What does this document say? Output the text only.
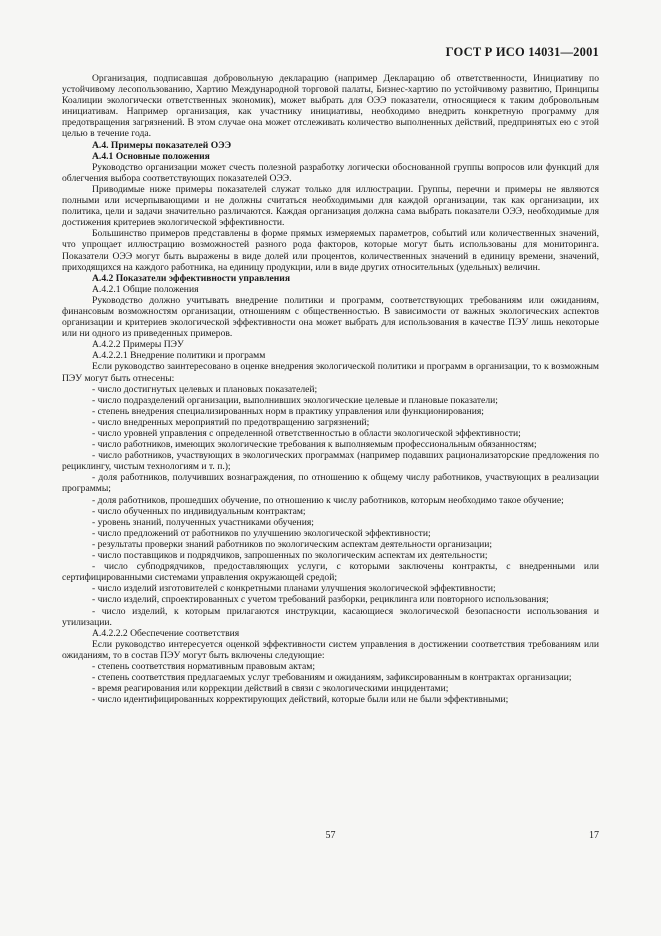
ГОСТ Р ИСО 14031—2001

Организация, подписавшая добровольную декларацию (например Декларацию об ответственности, Инициативу по устойчивому лесопользованию, Хартию Международной торговой палаты, Бизнес-хартию по устойчивому развитию, Принципы Коалиции экологически ответственных экономик), может выбрать для ОЭЭ показатели, относящиеся к таким добровольным инициативам. Например организация, как участнику инициативы, необходимо внедрить конкретную программу для предотвращения загрязнений. В этом случае она может отслеживать количество выполненных действий, предпринятых ею с этой целью в течение года.

А.4. Примеры показателей ОЭЭ

А.4.1 Основные положения

Руководство организации может счесть полезной разработку логически обоснованной группы вопросов или функций для облегчения выбора соответствующих показателей ОЭЭ.

Приводимые ниже примеры показателей служат только для иллюстрации. Группы, перечни и примеры не являются полными или исчерпывающими и не должны считаться необходимыми для каждой организации, так как организации, их политика, цели и задачи значительно различаются. Каждая организация должна сама выбрать показатели ОЭЭ, необходимые для достижения критериев экологической эффективности.

Большинство примеров представлены в форме прямых измеряемых параметров, событий или количественных значений, что упрощает иллюстрацию возможностей разного рода факторов, которые могут быть использованы для мониторинга. Показатели ОЭЭ могут быть выражены в виде долей или процентов, количественных значений в единицу времени, значений, приходящихся на каждого работника, на единицу продукции, или в виде других относительных (удельных) величин.

А.4.2 Показатели эффективности управления

А.4.2.1 Общие положения

Руководство должно учитывать внедрение политики и программ, соответствующих требованиям или ожиданиям, финансовым возможностям организации, отношениям с общественностью. В зависимости от важных экологических аспектов организации и критериев экологической эффективности она может выбрать для использования в качестве ПЭУ лишь некоторые или ни одного из приведенных примеров.

А.4.2.2 Примеры ПЭУ

А.4.2.2.1 Внедрение политики и программ

Если руководство заинтересовано в оценке внедрения экологической политики и программ в организации, то к возможным ПЭУ могут быть отнесены:

- число достигнутых целевых и плановых показателей;

- число подразделений организации, выполнивших экологические целевые и плановые показатели;

- степень внедрения специализированных норм в практику управления или функционирования;

- число внедренных мероприятий по предотвращению загрязнений;

- число уровней управления с определенной ответственностью в области экологической эффективности;

- число работников, имеющих экологические требования к выполняемым профессиональным обязанностям;

- число работников, участвующих в экологических программах (например подавших рационализаторские предложения по рециклингу, чистым технологиям и т. п.);

- доля работников, получивших вознаграждения, по отношению к общему числу работников, участвующих в реализации программы;

- доля работников, прошедших обучение, по отношению к числу работников, которым необходимо такое обучение;

- число обученных по индивидуальным контрактам;

- уровень знаний, полученных участниками обучения;

- число предложений от работников по улучшению экологической эффективности;

- результаты проверки знаний работников по экологическим аспектам деятельности организации;

- число поставщиков и подрядчиков, запрошенных по экологическим аспектам их деятельности;

- число субподрядчиков, предоставляющих услуги, с которыми заключены контракты, с внедренными или сертифицированными системами управления окружающей средой;

- число изделий изготовителей с конкретными планами улучшения экологической эффективности;

- число изделий, спроектированных с учетом требований разборки, рециклинга или повторного использования;

- число изделий, к которым прилагаются инструкции, касающиеся экологической безопасности использования и утилизации.

А.4.2.2.2 Обеспечение соответствия

Если руководство интересуется оценкой эффективности систем управления в достижении соответствия требованиям или ожиданиям, то в состав ПЭУ могут быть включены следующие:

- степень соответствия нормативным правовым актам;

- степень соответствия предлагаемых услуг требованиям и ожиданиям, зафиксированным в контрактах организации;

- время реагирования или коррекции действий в связи с экологическими инцидентами;

- число идентифицированных корректирующих действий, которые были или не были эффективными;

57	17
